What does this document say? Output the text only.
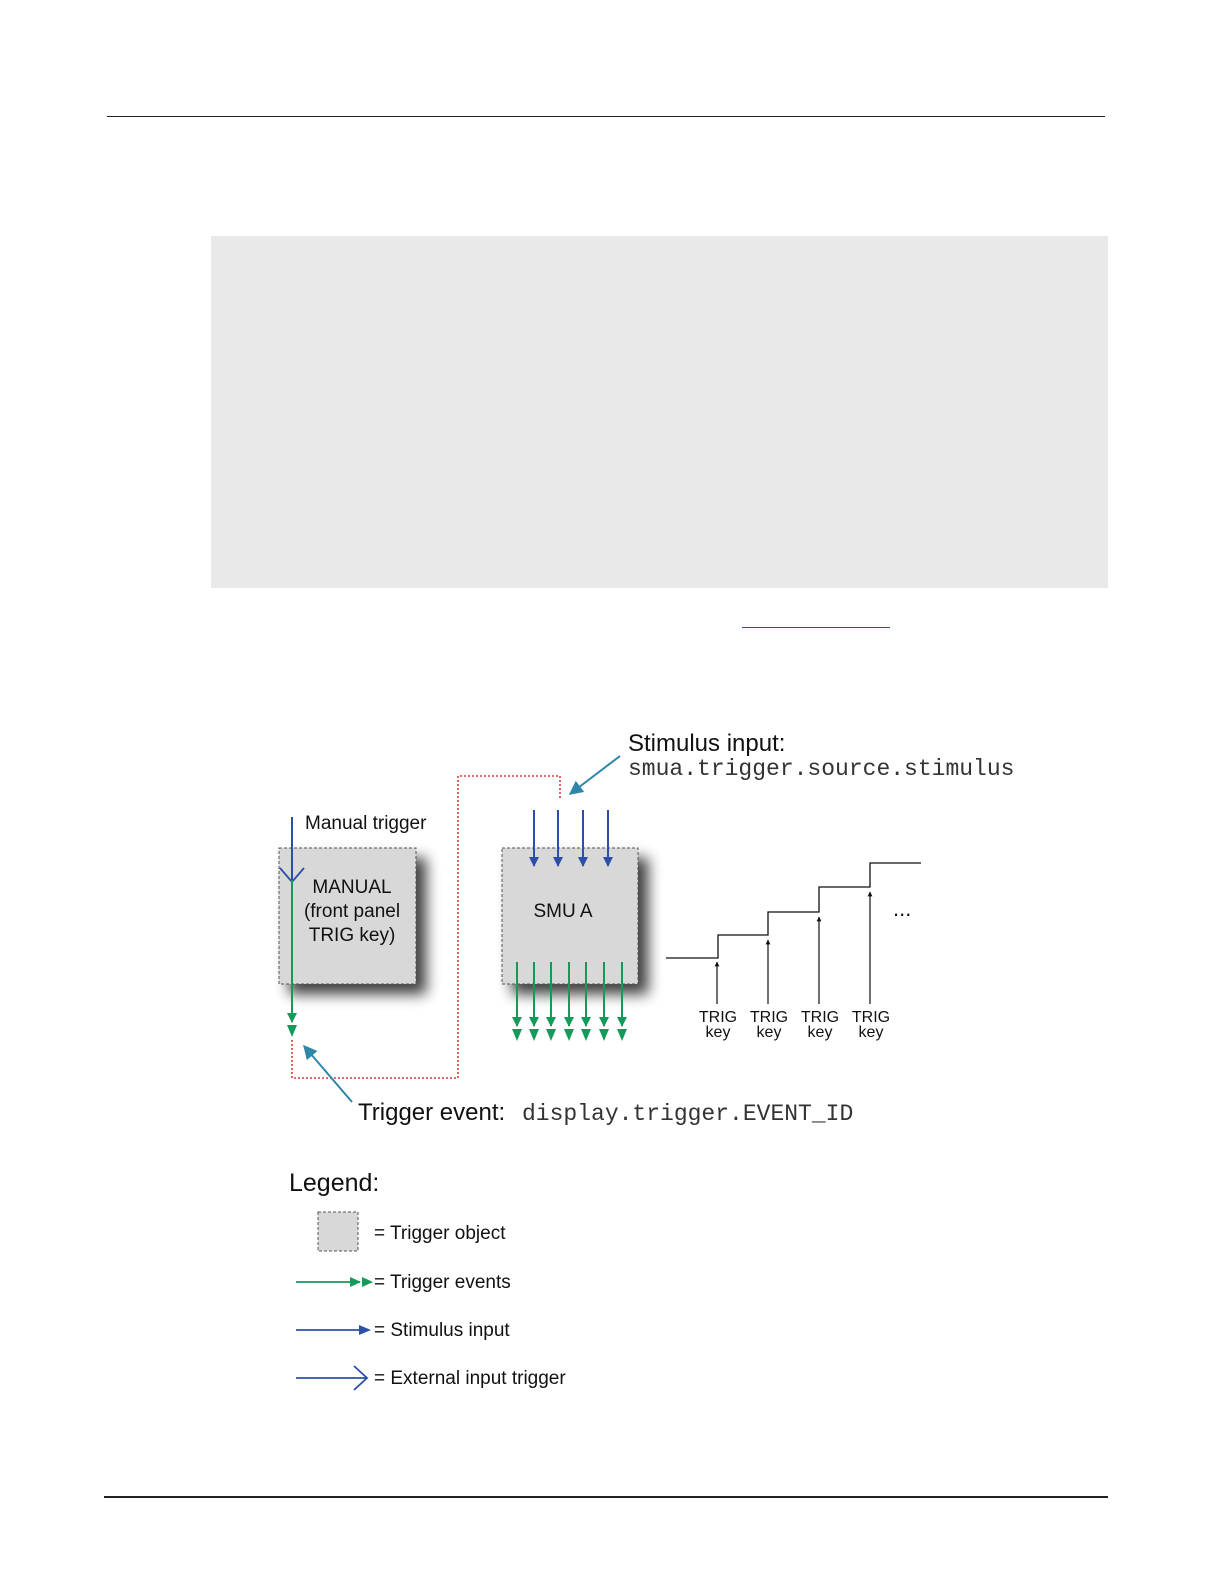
Stimulus input:
smua.trigger.source.stimulus
Manual trigger
MANUAL
(front panel
TRIG key)
SMU A	...
TRIG
key
TRIG
key
TRIG
key
TRIG
key
Trigger event: display.trigger.EVENT_ID
Legend:
= Trigger object
= Trigger events
= Stimulus input
= External input trigger
